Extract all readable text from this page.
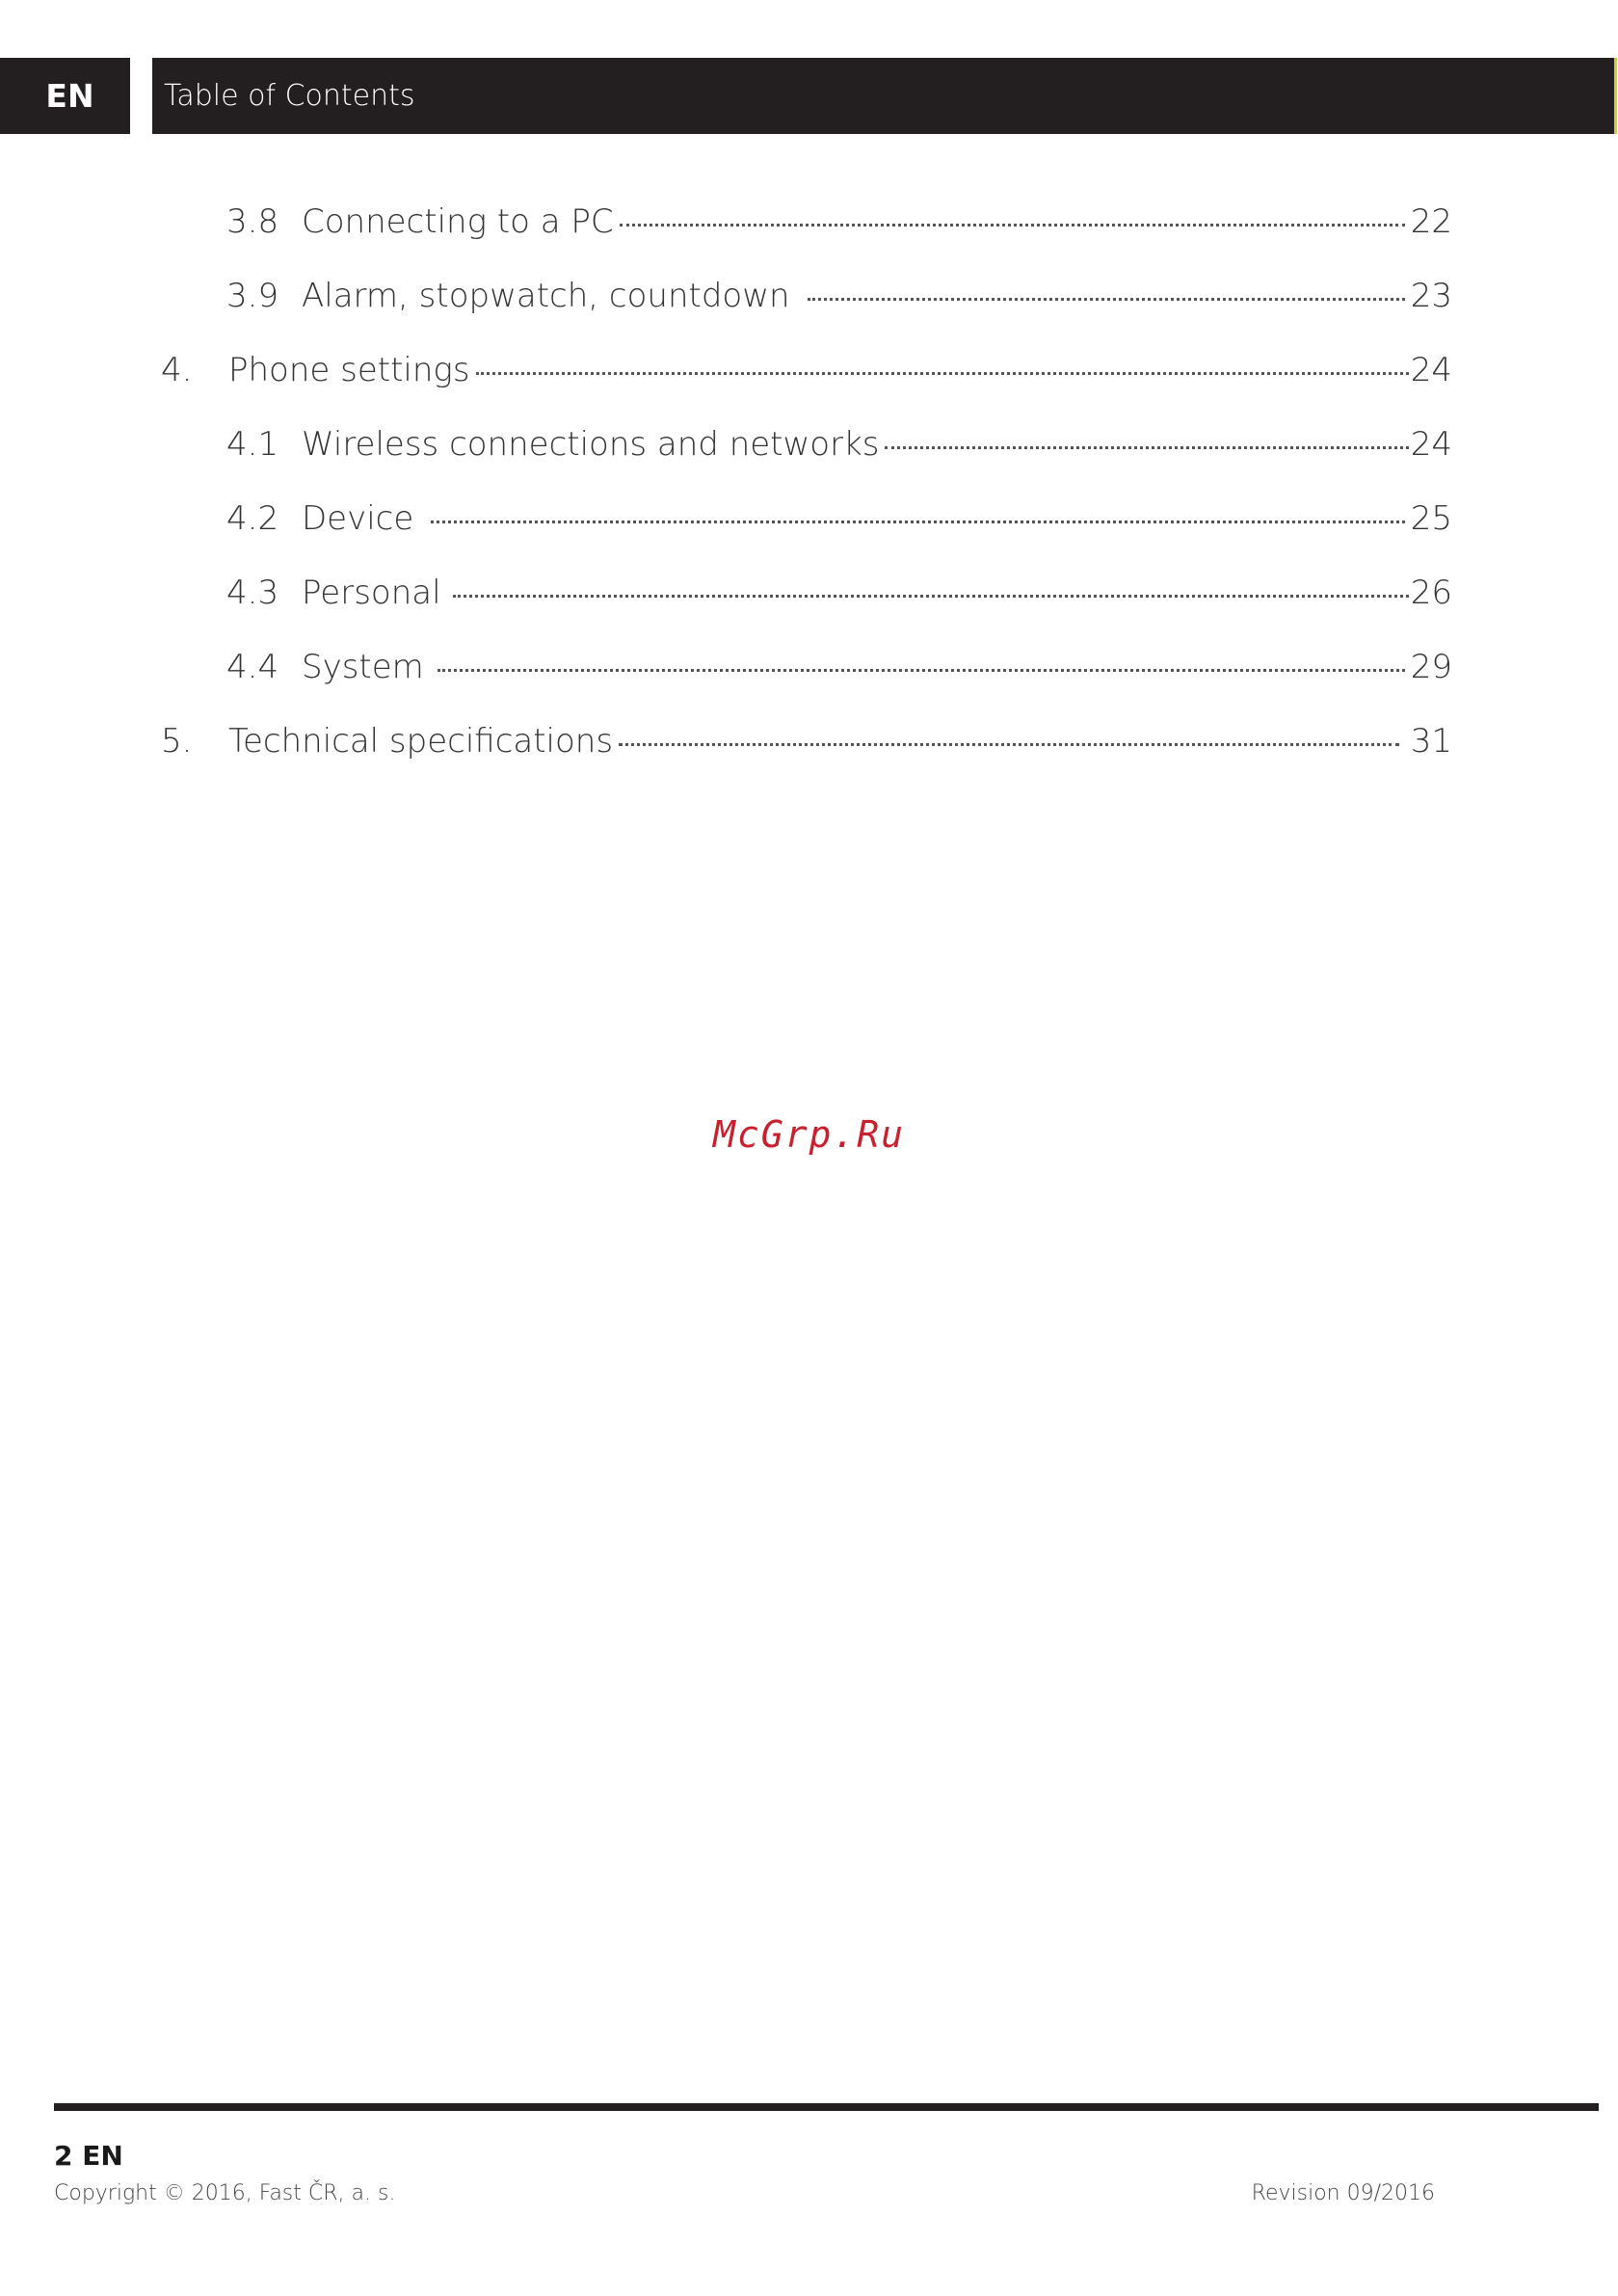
EN Table of Contents
3.8 Connecting to a PC	22
3.9 Alarm, stopwatch, countdown	23
4.	Phone settings	24
4.1 Wireless connections and networks	24
4.2 Device	25
4.3 Personal	26
4.4 System	29
5.	Technical specifications	31
McGrp.Ru
2 EN
Copyright © 2016, Fast ČR, a. s.	Revision 09/2016
